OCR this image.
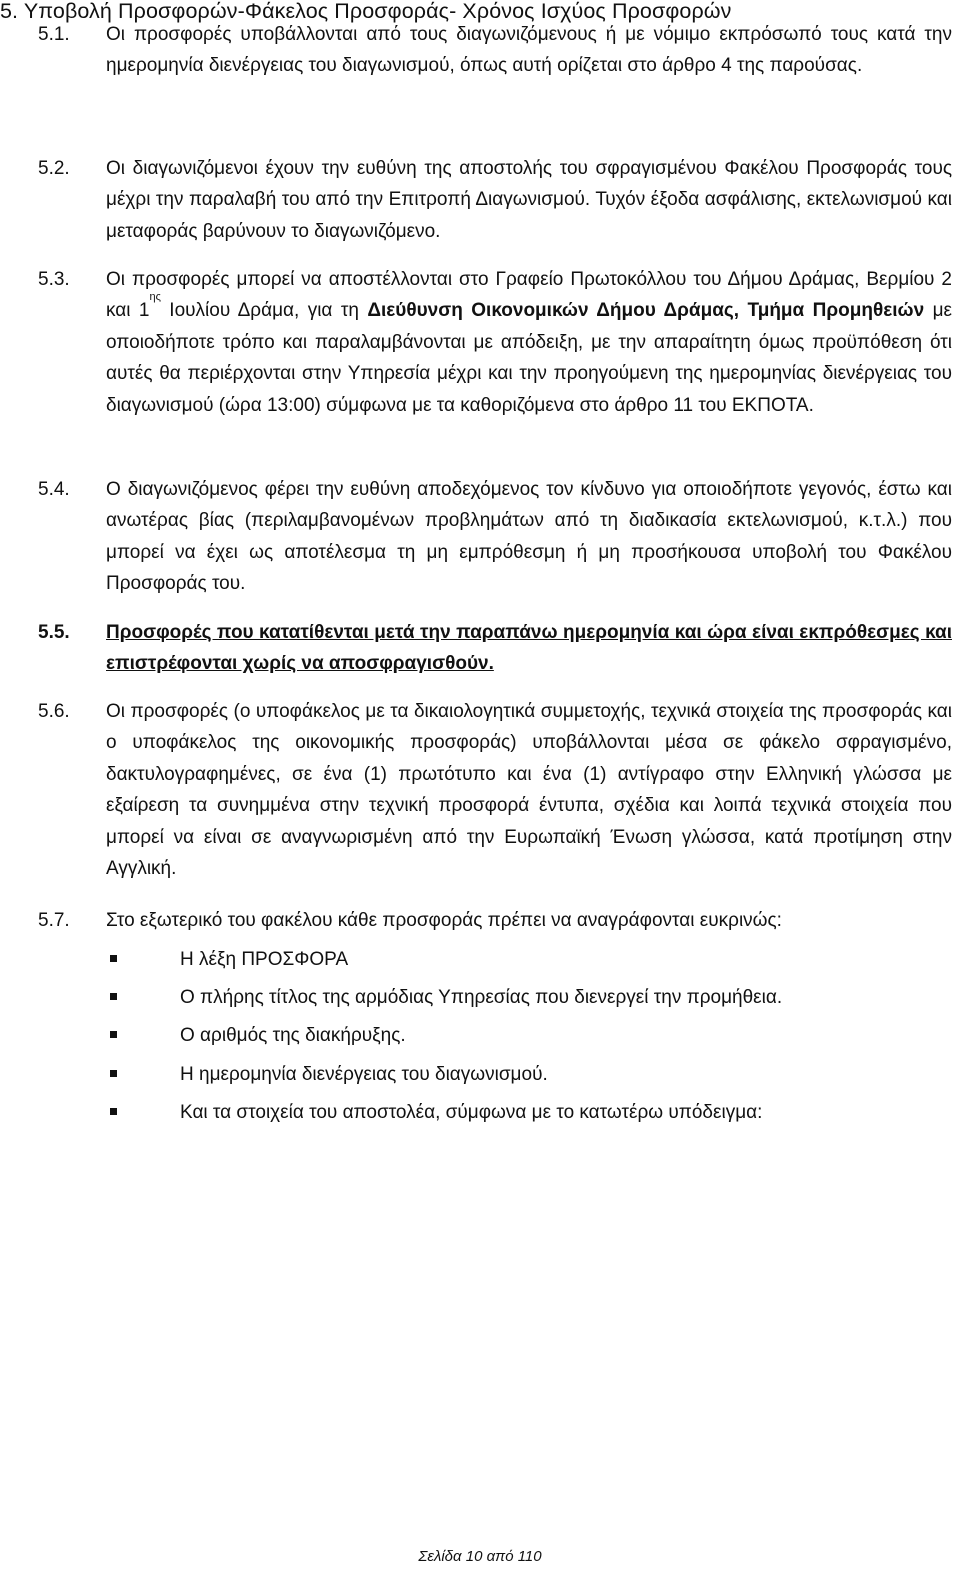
5. Υποβολή Προσφορών-Φάκελος Προσφοράς- Χρόνος Ισχύος Προσφορών
5.1. Οι προσφορές υποβάλλονται από τους διαγωνιζόμενους ή με νόμιμο εκπρόσωπό τους κατά την ημερομηνία διενέργειας του διαγωνισμού, όπως αυτή ορίζεται στο άρθρο 4 της παρούσας.
5.2. Οι διαγωνιζόμενοι έχουν την ευθύνη της αποστολής του σφραγισμένου Φακέλου Προσφοράς τους μέχρι την παραλαβή του από την Επιτροπή Διαγωνισμού. Τυχόν έξοδα ασφάλισης, εκτελωνισμού και μεταφοράς βαρύνουν το διαγωνιζόμενο.
5.3. Οι προσφορές μπορεί να αποστέλλονται στο Γραφείο Πρωτοκόλλου του Δήμου Δράμας, Βερμίου 2 και $1^{\eta\varsigma}$ Ιουλίου Δράμα, για τη Διεύθυνση Οικονομικών Δήμου Δράμας, Τμήμα Προμηθειών με οποιοδήποτε τρόπο και παραλαμβάνονται με απόδειξη, με την απαραίτητη όμως προϋπόθεση ότι αυτές θα περιέρχονται στην Υπηρεσία μέχρι και την προηγούμενη της ημερομηνίας διενέργειας του διαγωνισμού (ώρα 13:00) σύμφωνα με τα καθοριζόμενα στο άρθρο 11 του ΕΚΠΟΤΑ.
5.4. Ο διαγωνιζόμενος φέρει την ευθύνη αποδεχόμενος τον κίνδυνο για οποιοδήποτε γεγονός, έστω και ανωτέρας βίας (περιλαμβανομένων προβλημάτων από τη διαδικασία εκτελωνισμού, κ.τ.λ.) που μπορεί να έχει ως αποτέλεσμα τη μη εμπρόθεσμη ή μη προσήκουσα υποβολή του Φακέλου Προσφοράς του.
5.5. Προσφορές που κατατίθενται μετά την παραπάνω ημερομηνία και ώρα είναι εκπρόθεσμες και επιστρέφονται χωρίς να αποσφραγισθούν.
5.6. Οι προσφορές (ο υποφάκελος με τα δικαιολογητικά συμμετοχής, τεχνικά στοιχεία της προσφοράς και ο υποφάκελος της οικονομικής προσφοράς) υποβάλλονται μέσα σε φάκελο σφραγισμένο, δακτυλογραφημένες, σε ένα (1) πρωτότυπο και ένα (1) αντίγραφο στην Ελληνική γλώσσα με εξαίρεση τα συνημμένα στην τεχνική προσφορά έντυπα, σχέδια και λοιπά τεχνικά στοιχεία που μπορεί να είναι σε αναγνωρισμένη από την Ευρωπαϊκή Ένωση γλώσσα, κατά προτίμηση στην Αγγλική.
5.7. Στο εξωτερικό του φακέλου κάθε προσφοράς πρέπει να αναγράφονται ευκρινώς:
Η λέξη ΠΡΟΣΦΟΡΑ
Ο πλήρης τίτλος της αρμόδιας Υπηρεσίας που διενεργεί την προμήθεια.
Ο αριθμός της διακήρυξης.
Η ημερομηνία διενέργειας του διαγωνισμού.
Και τα στοιχεία του αποστολέα, σύμφωνα με το κατωτέρω υπόδειγμα:
Σελίδα 10 από 110
